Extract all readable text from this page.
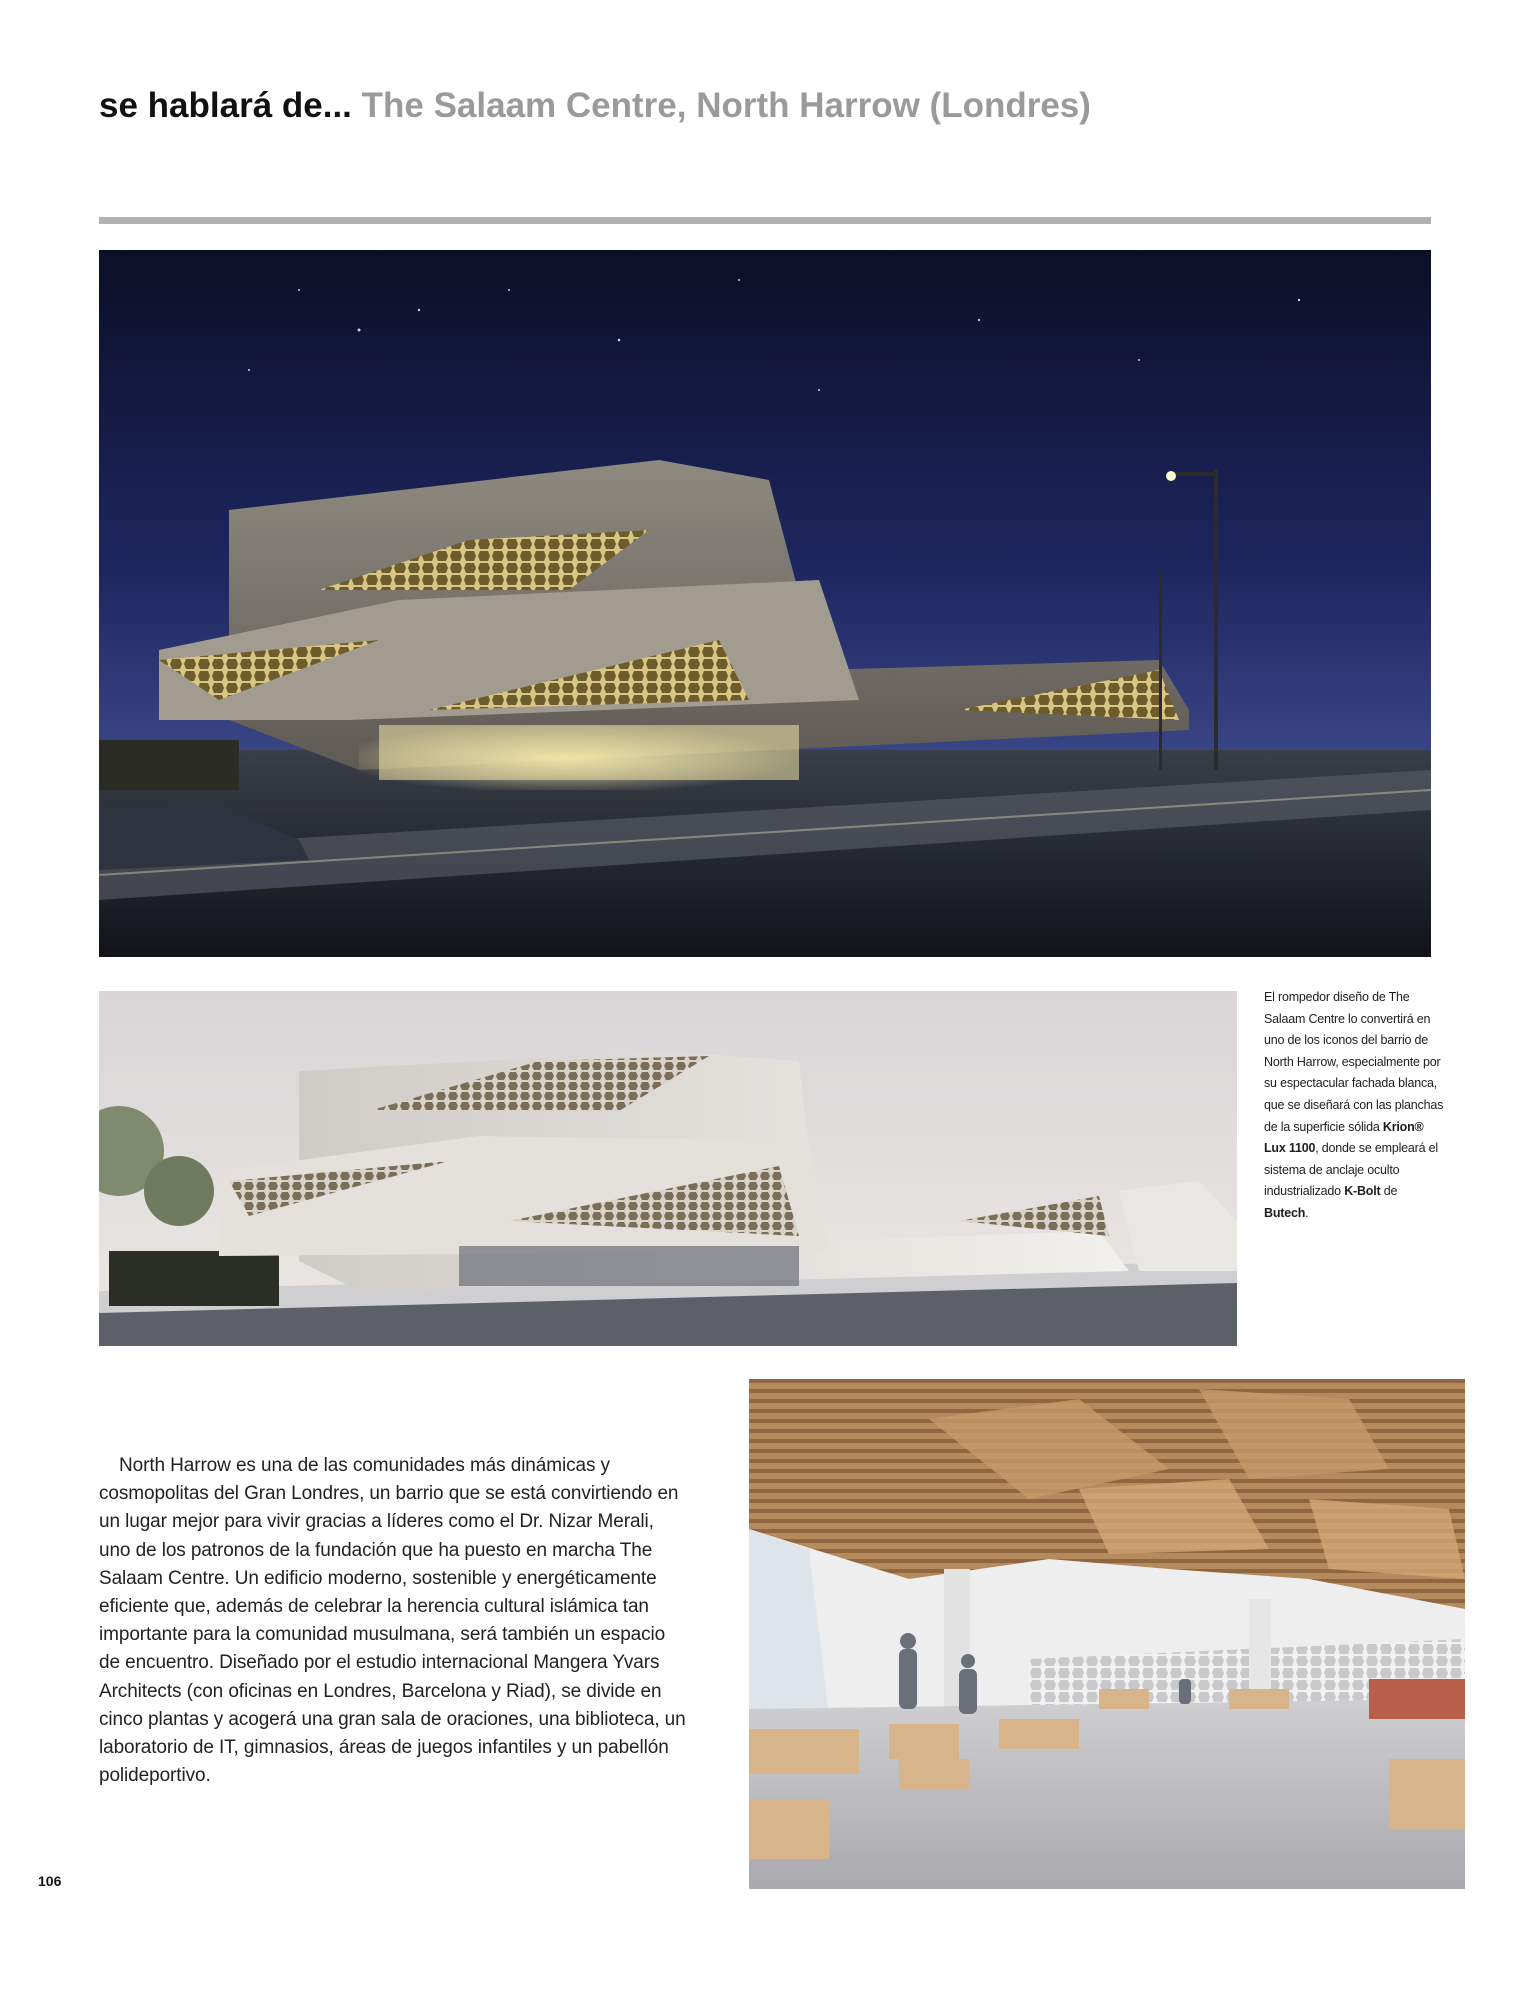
se hablará de... The Salaam Centre, North Harrow (Londres)
El rompedor diseño de The Salaam Centre lo convertirá en uno de los iconos del barrio de North Harrow, especialmente por su espectacular fachada blanca, que se diseñará con las planchas de la superficie sólida Krion® Lux 1100, donde se empleará el sistema de anclaje oculto industrializado K-Bolt de Butech.

North Harrow es una de las comunidades más dinámicas y cosmopolitas del Gran Londres, un barrio que se está convirtiendo en un lugar mejor para vivir gracias a líderes como el Dr. Nizar Merali, uno de los patronos de la fundación que ha puesto en marcha The Salaam Centre. Un edificio moderno, sostenible y energéticamente eficiente que, además de celebrar la herencia cultural islámica tan importante para la comunidad musulmana, será también un espacio de encuentro. Diseñado por el estudio internacional Mangera Yvars Architects (con oficinas en Londres, Barcelona y Riad), se divide en cinco plantas y acogerá una gran sala de oraciones, una biblioteca, un laboratorio de IT, gimnasios, áreas de juegos infantiles y un pabellón polideportivo.

106
